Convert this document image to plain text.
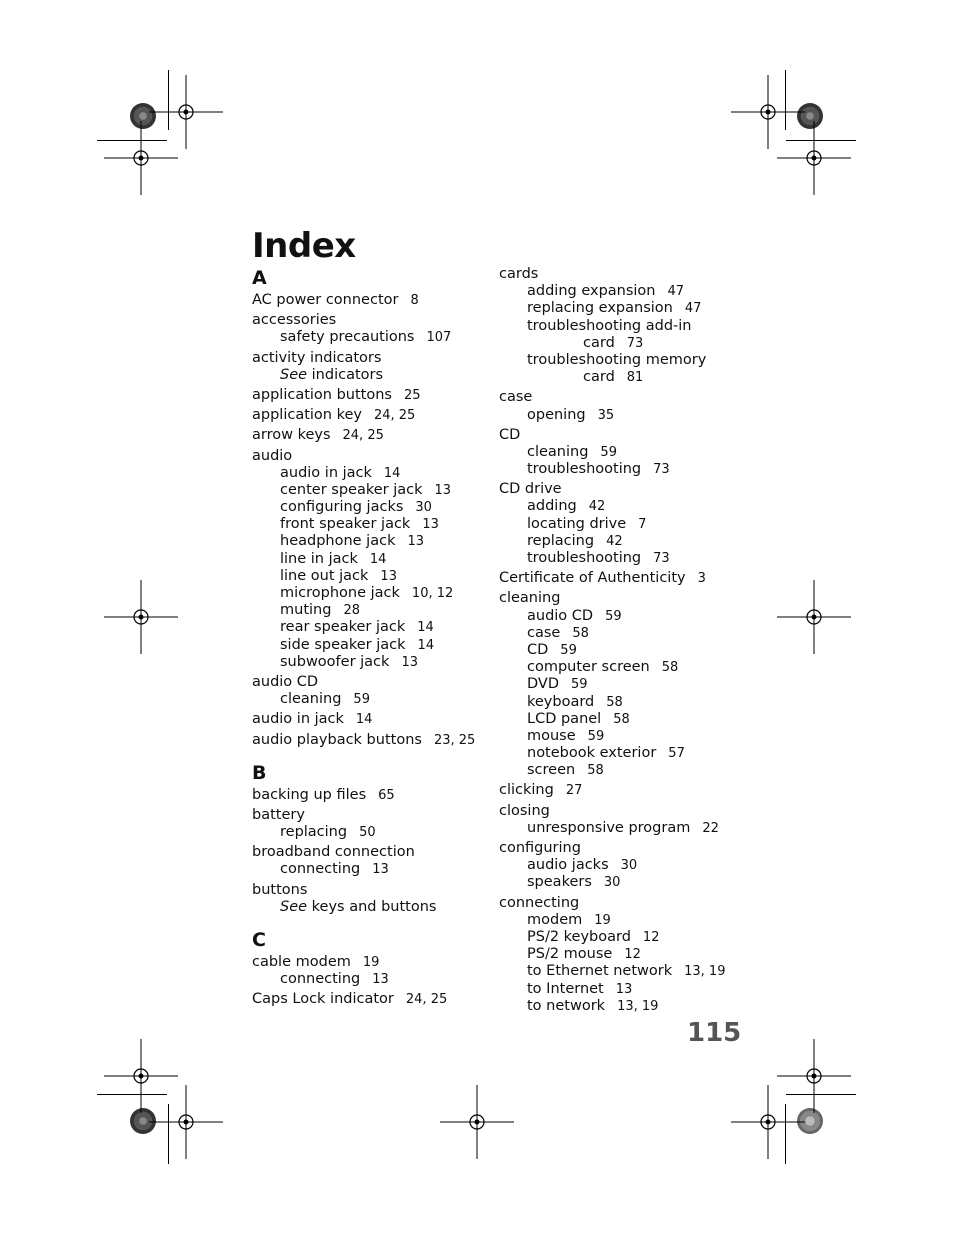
Index
A
AC power connector 8
accessories
safety precautions 107
activity indicators
See indicators
application buttons 25
application key 24, 25
arrow keys 24, 25
audio
audio in jack 14
center speaker jack 13
configuring jacks 30
front speaker jack 13
headphone jack 13
line in jack 14
line out jack 13
microphone jack 10, 12
muting 28
rear speaker jack 14
side speaker jack 14
subwoofer jack 13
audio CD
cleaning 59
audio in jack 14
audio playback buttons 23, 25
B
backing up files 65
battery
replacing 50
broadband connection
connecting 13
buttons
See keys and buttons
C
cable modem 19
connecting 13
Caps Lock indicator 24, 25
cards
adding expansion 47
replacing expansion 47
troubleshooting add-in
card 73
troubleshooting memory
card 81
case
opening 35
CD
cleaning 59
troubleshooting 73
CD drive
adding 42
locating drive 7
replacing 42
troubleshooting 73
Certificate of Authenticity 3
cleaning
audio CD 59
case 58
CD 59
computer screen 58
DVD 59
keyboard 58
LCD panel 58
mouse 59
notebook exterior 57
screen 58
clicking 27
closing
unresponsive program 22
configuring
audio jacks 30
speakers 30
connecting
modem 19
PS/2 keyboard 12
PS/2 mouse 12
to Ethernet network 13, 19
to Internet 13
to network 13, 19
115
